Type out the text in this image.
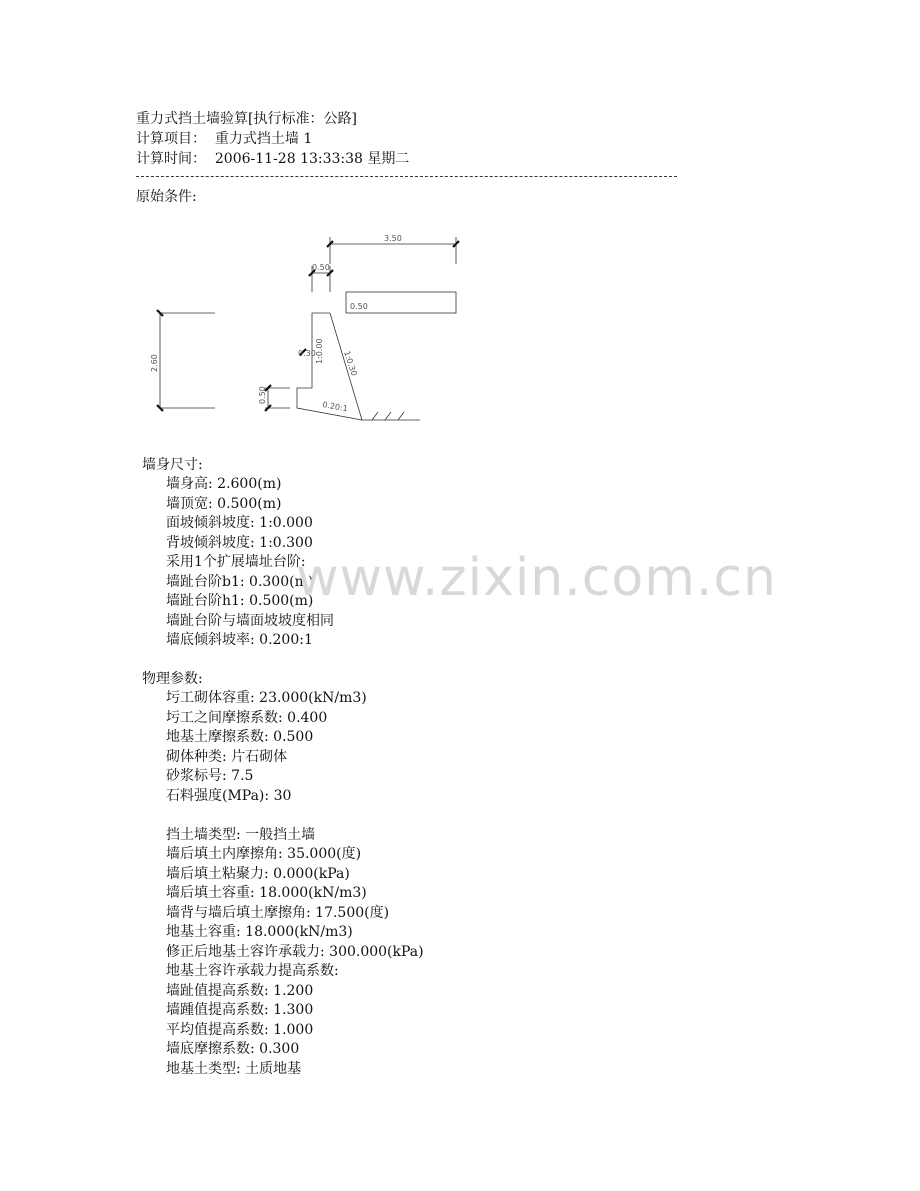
重力式挡土墙验算[执行标准：公路]
计算项目：  重力式挡土墙 1
计算时间：  2006-11-28 13:33:38 星期二
原始条件:
3.50
0.50
0.50
2.60	1:0.00 1:0.30
0.30
0.50
0.20:1
墙身尺寸:
墙身高: 2.600(m)
墙顶宽: 0.500(m)
面坡倾斜坡度: 1:0.000
背坡倾斜坡度: 1:0.300
采用1个扩展墙址台阶:
墙趾台阶b1: 0.300(m)
墙趾台阶h1: 0.500(m)
墙趾台阶与墙面坡坡度相同
墙底倾斜坡率: 0.200:1
物理参数:
圬工砌体容重: 23.000(kN/m3)
圬工之间摩擦系数: 0.400
地基土摩擦系数: 0.500
砌体种类: 片石砌体
砂浆标号: 7.5
石料强度(MPa): 30
挡土墙类型: 一般挡土墙
墙后填土内摩擦角: 35.000(度)
墙后填土粘聚力: 0.000(kPa)
墙后填土容重: 18.000(kN/m3)
墙背与墙后填土摩擦角: 17.500(度)
地基土容重: 18.000(kN/m3)
修正后地基土容许承载力: 300.000(kPa)
地基土容许承载力提高系数:
墙趾值提高系数: 1.200
墙踵值提高系数: 1.300
平均值提高系数: 1.000
墙底摩擦系数: 0.300
地基土类型: 土质地基
www.zixin.com.cn
